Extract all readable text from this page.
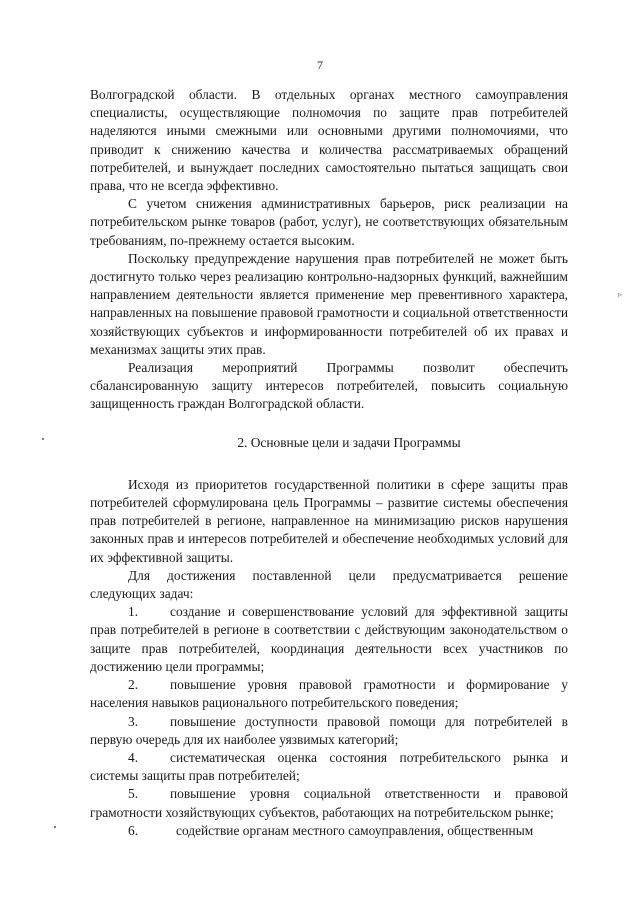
7

Волгоградской области. В отдельных органах местного самоуправления специалисты, осуществляющие полномочия по защите прав потребителей наделяются иными смежными или основными другими полномочиями, что приводит к снижению качества и количества рассматриваемых обращений потребителей, и вынуждает последних самостоятельно пытаться защищать свои права, что не всегда эффективно.

С учетом снижения административных барьеров, риск реализации на потребительском рынке товаров (работ, услуг), не соответствующих обязательным требованиям, по-прежнему остается высоким.

Поскольку предупреждение нарушения прав потребителей не может быть достигнуто только через реализацию контрольно-надзорных функций, важнейшим направлением деятельности является применение мер превентивного характера, направленных на повышение правовой грамотности и социальной ответственности хозяйствующих субъектов и информированности потребителей об их правах и механизмах защиты этих прав.

Реализация мероприятий Программы позволит обеспечить сбалансированную защиту интересов потребителей, повысить социальную защищенность граждан Волгоградской области.

2. Основные цели и задачи Программы

Исходя из приоритетов государственной политики в сфере защиты прав потребителей сформулирована цель Программы – развитие системы обеспечения прав потребителей в регионе, направленное на минимизацию рисков нарушения законных прав и интересов потребителей и обеспечение необходимых условий для их эффективной защиты.

Для достижения поставленной цели предусматривается решение следующих задач:

1. создание и совершенствование условий для эффективной защиты прав потребителей в регионе в соответствии с действующим законодательством о защите прав потребителей, координация деятельности всех участников по достижению цели программы;

2. повышение уровня правовой грамотности и формирование у населения навыков рационального потребительского поведения;

3. повышение доступности правовой помощи для потребителей в первую очередь для их наиболее уязвимых категорий;

4. систематическая оценка состояния потребительского рынка и системы защиты прав потребителей;

5. повышение уровня социальной ответственности и правовой грамотности хозяйствующих субъектов, работающих на потребительском рынке;

6.	содействие органам местного самоуправления, общественным

▹
